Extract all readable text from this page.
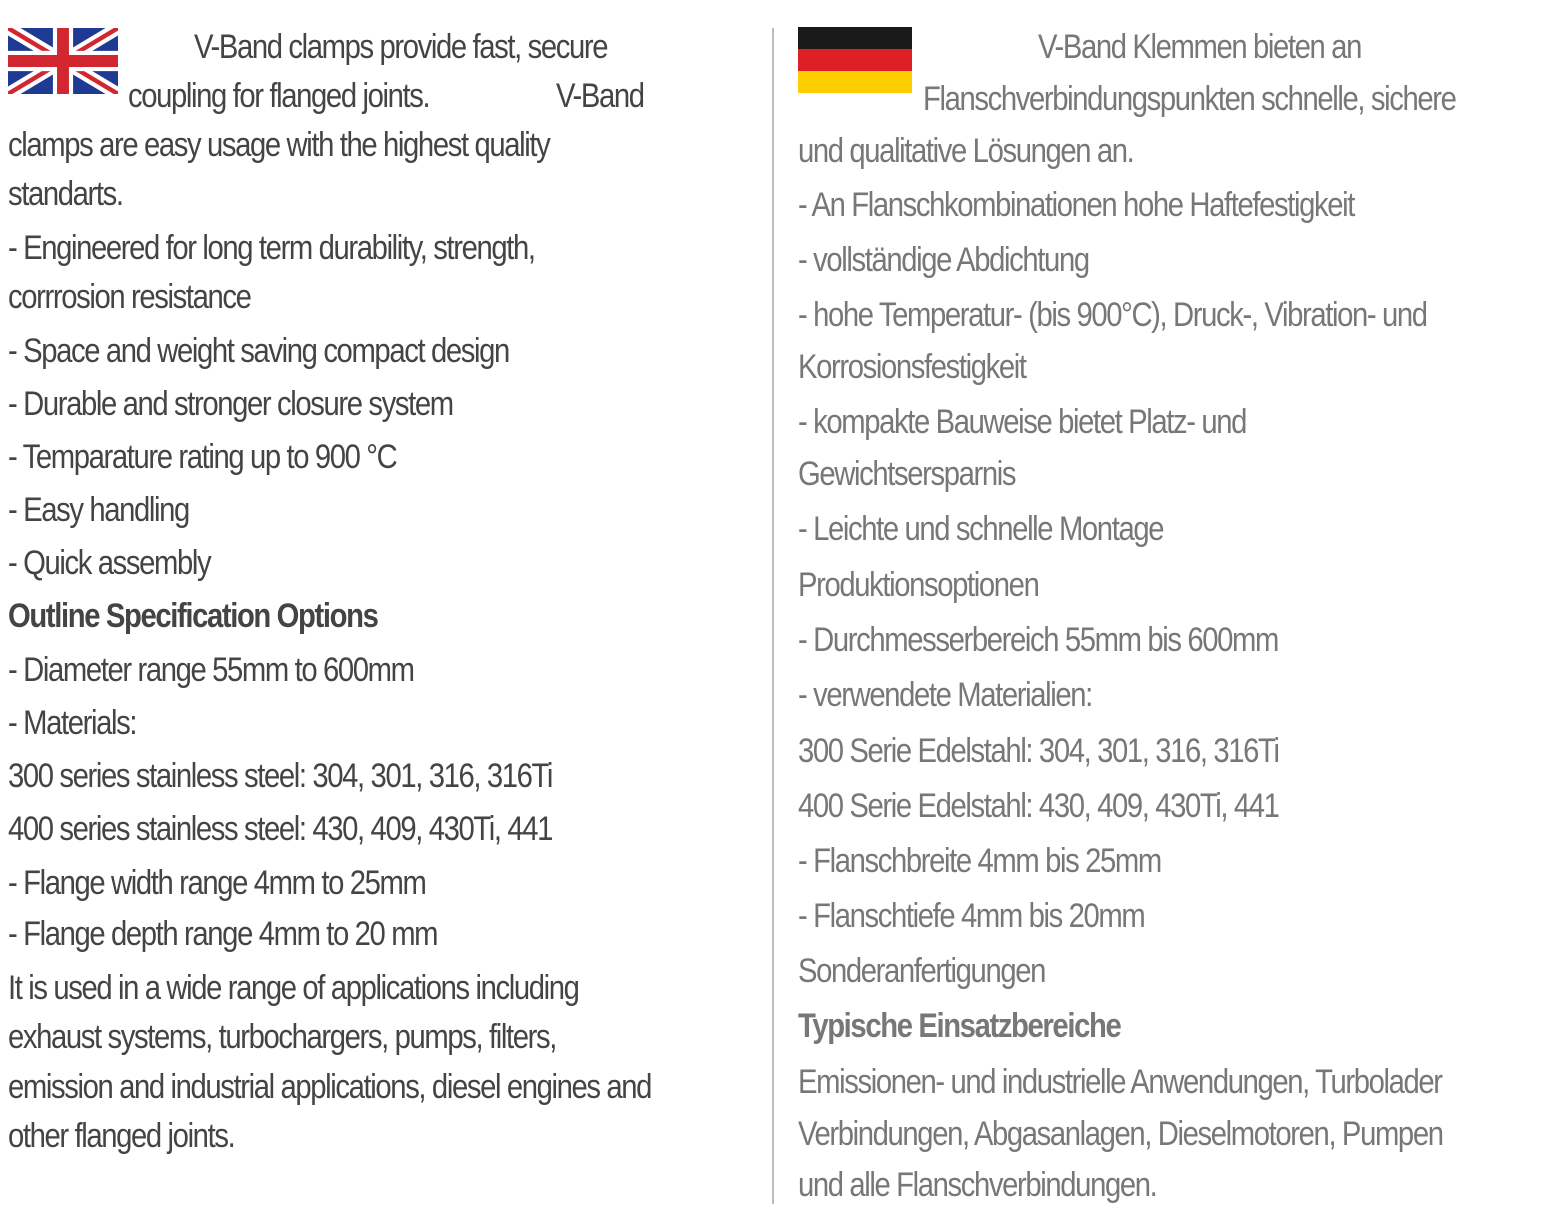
V-Band clamps provide fast, secure
coupling for flanged joints.	V-Band
clamps are easy usage with the highest quality
standarts.
- Engineered for long term durability, strength,
corrrosion resistance
- Space and weight saving compact design
- Durable and stronger closure system
- Temparature rating up to 900 °C
- Easy handling
- Quick assembly
Outline Specification Options
- Diameter range 55mm to 600mm
- Materials:
300 series stainless steel: 304, 301, 316, 316Ti
400 series stainless steel: 430, 409, 430Ti, 441
- Flange width range 4mm to 25mm
- Flange depth range 4mm to 20 mm
It is used in a wide range of applications including
exhaust systems, turbochargers, pumps, filters,
emission and industrial applications, diesel engines and
other flanged joints.
V-Band Klemmen bieten an
Flanschverbindungspunkten schnelle, sichere
und qualitative Lösungen an.
- An Flanschkombinationen hohe Haftefestigkeit
- vollständige Abdichtung
- hohe Temperatur- (bis 900°C), Druck-, Vibration- und
Korrosionsfestigkeit
- kompakte Bauweise bietet Platz- und
Gewichtsersparnis
- Leichte und schnelle Montage
Produktionsoptionen
- Durchmesserbereich 55mm bis 600mm
- verwendete Materialien:
300 Serie Edelstahl: 304, 301, 316, 316Ti
400 Serie Edelstahl: 430, 409, 430Ti, 441
- Flanschbreite 4mm bis 25mm
- Flanschtiefe 4mm bis 20mm
Sonderanfertigungen
Typische Einsatzbereiche
Emissionen- und industrielle Anwendungen, Turbolader
Verbindungen, Abgasanlagen, Dieselmotoren, Pumpen
und alle Flanschverbindungen.
